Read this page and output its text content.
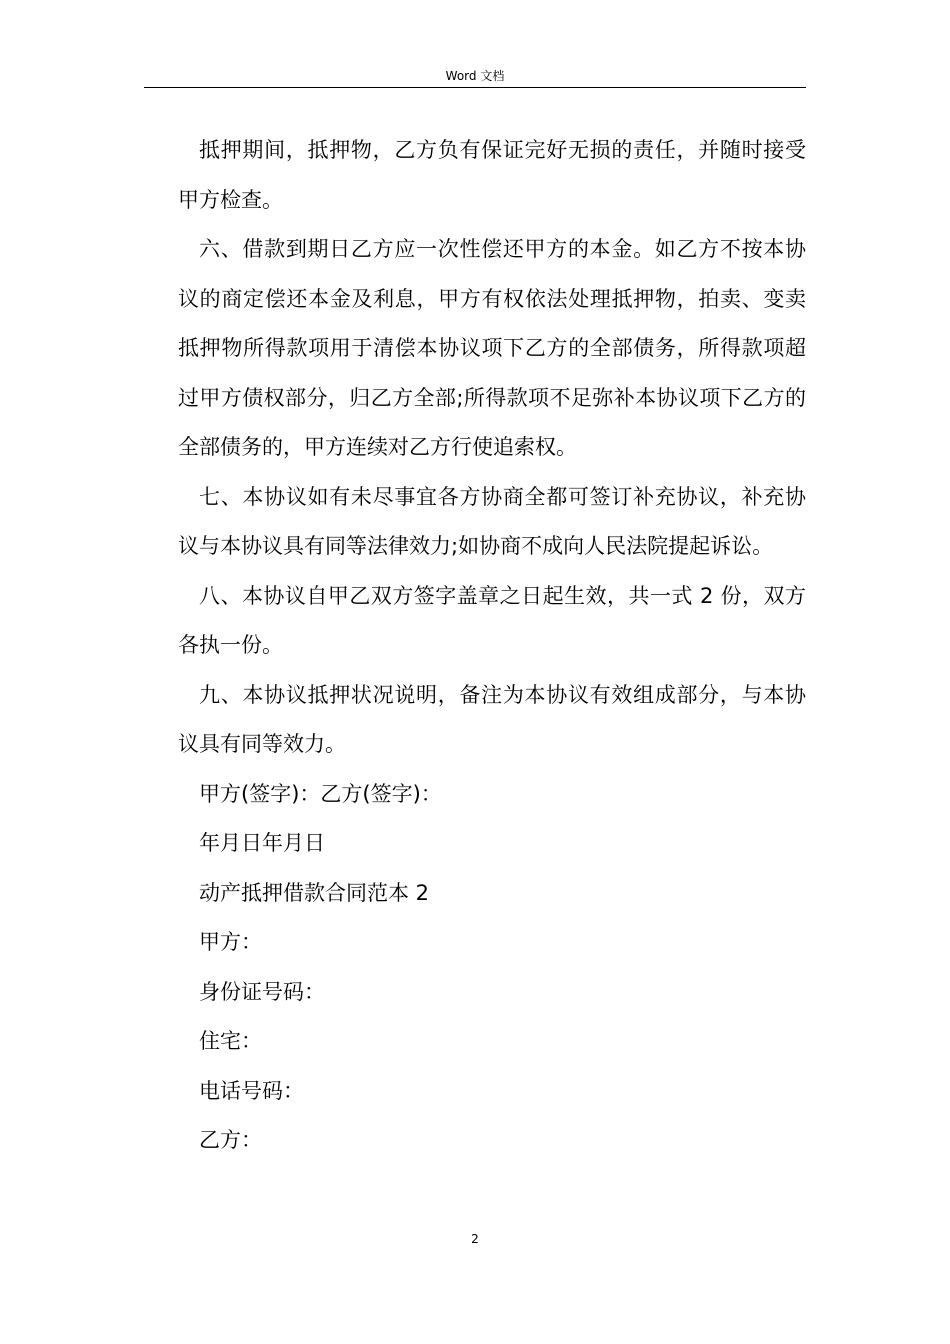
Word 文档

抵押期间，抵押物，乙方负有保证完好无损的责任，并随时接受甲方检查。

六、借款到期日乙方应一次性偿还甲方的本金。如乙方不按本协议的商定偿还本金及利息，甲方有权依法处理抵押物，拍卖、变卖抵押物所得款项用于清偿本协议项下乙方的全部债务，所得款项超过甲方债权部分，归乙方全部;所得款项不足弥补本协议项下乙方的全部债务的，甲方连续对乙方行使追索权。

七、本协议如有未尽事宜各方协商全都可签订补充协议，补充协议与本协议具有同等法律效力;如协商不成向人民法院提起诉讼。

八、本协议自甲乙双方签字盖章之日起生效，共一式 2 份，双方各执一份。

九、本协议抵押状况说明，备注为本协议有效组成部分，与本协议具有同等效力。

甲方(签字)：乙方(签字)：

年月日年月日

动产抵押借款合同范本 2

甲方：

身份证号码：

住宅：

电话号码：

乙方：

2
